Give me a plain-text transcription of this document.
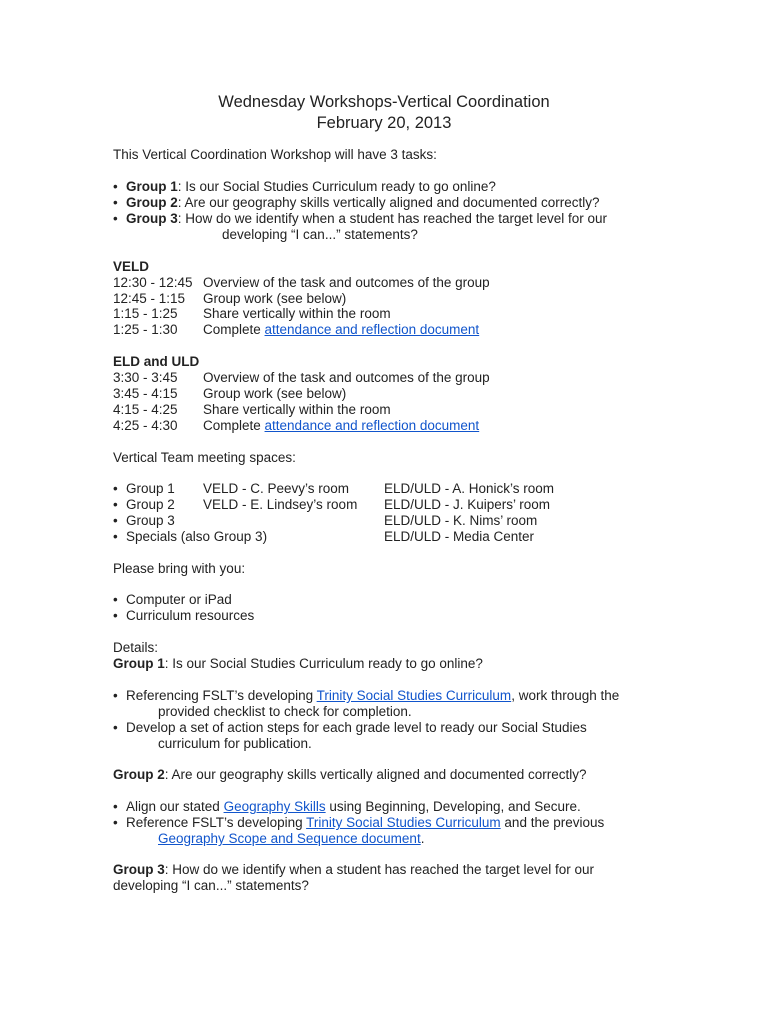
Wednesday Workshops-Vertical Coordination
February 20, 2013
This Vertical Coordination Workshop will have 3 tasks:
• Group 1: Is our Social Studies Curriculum ready to go online?
• Group 2: Are our geography skills vertically aligned and documented correctly?
• Group 3: How do we identify when a student has reached the target level for our
developing “I can...” statements?
VELD
12:30 - 12:45 Overview of the task and outcomes of the group
12:45 - 1:15 Group work (see below)
1:15 - 1:25 Share vertically within the room
1:25 - 1:30 Complete attendance and reflection document
ELD and ULD
3:30 - 3:45 Overview of the task and outcomes of the group
3:45 - 4:15 Group work (see below)
4:15 - 4:25 Share vertically within the room
4:25 - 4:30 Complete attendance and reflection document
Vertical Team meeting spaces:
• Group 1 VELD - C. Peevy’s room	ELD/ULD - A. Honick’s room
• Group 2 VELD - E. Lindsey’s room ELD/ULD - J. Kuipers’ room
• Group 3	ELD/ULD - K. Nims’ room
• Specials (also Group 3)	ELD/ULD - Media Center
Please bring with you:
• Computer or iPad
• Curriculum resources
Details:
Group 1: Is our Social Studies Curriculum ready to go online?
• Referencing FSLT’s developing Trinity Social Studies Curriculum, work through the
provided checklist to check for completion.
• Develop a set of action steps for each grade level to ready our Social Studies
curriculum for publication.
Group 2: Are our geography skills vertically aligned and documented correctly?
• Align our stated Geography Skills using Beginning, Developing, and Secure.
• Reference FSLT’s developing Trinity Social Studies Curriculum and the previous
Geography Scope and Sequence document.
Group 3: How do we identify when a student has reached the target level for our
developing “I can...” statements?
